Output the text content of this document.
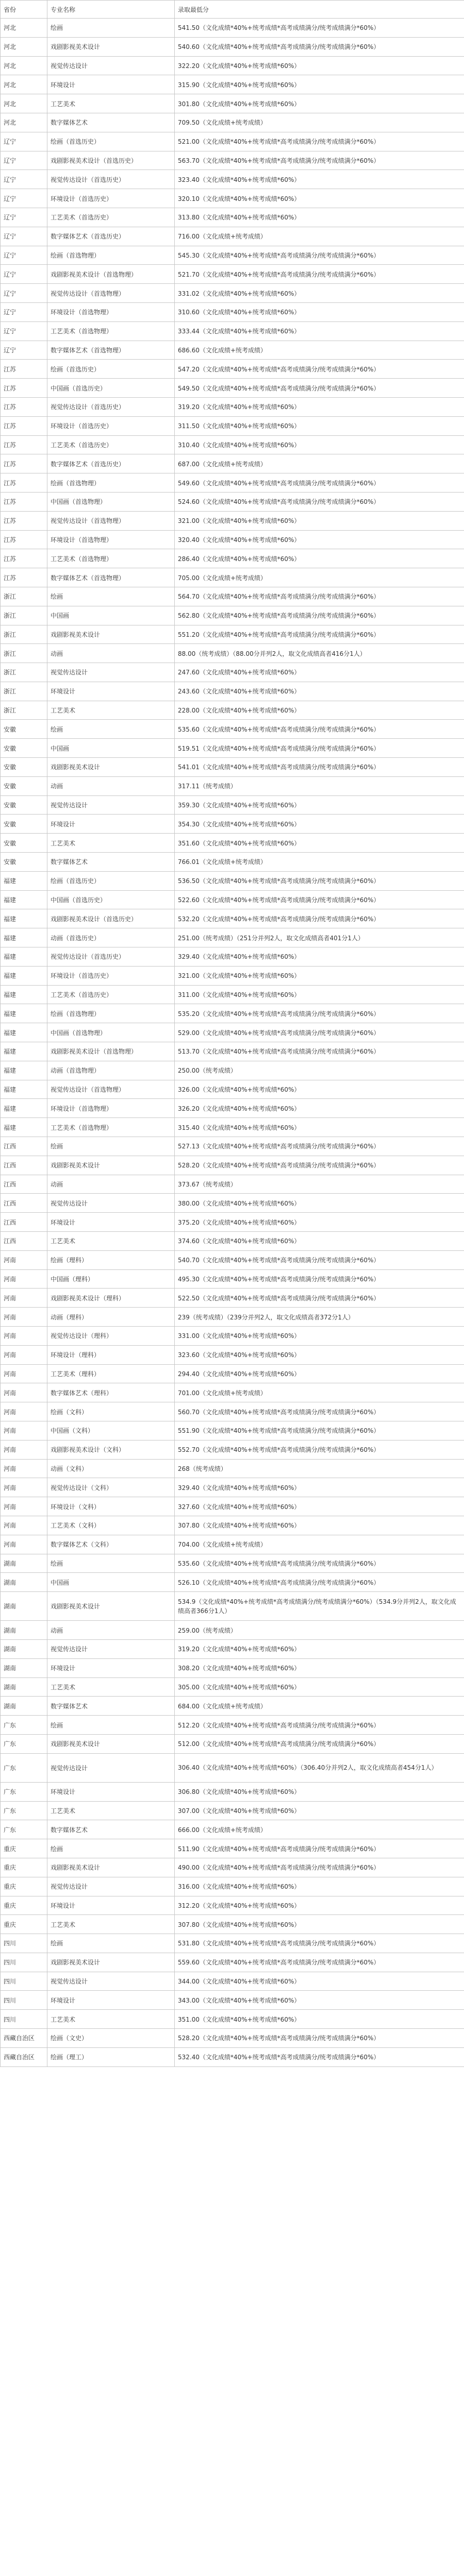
省份	专业名称	录取最低分
河北	绘画	541.50（文化成绩*40%+统考成绩*高考成绩满分/统考成绩满分*60%）
河北	戏剧影视美术设计	540.60（文化成绩*40%+统考成绩*高考成绩满分/统考成绩满分*60%）
河北	视觉传达设计	322.20（文化成绩*40%+统考成绩*60%）
河北	环境设计	315.90（文化成绩*40%+统考成绩*60%）
河北	工艺美术	301.80（文化成绩*40%+统考成绩*60%）
河北	数字媒体艺术	709.50（文化成绩+统考成绩）
辽宁	绘画（首选历史）	521.00（文化成绩*40%+统考成绩*高考成绩满分/统考成绩满分*60%）
辽宁	戏剧影视美术设计（首选历史）	563.70（文化成绩*40%+统考成绩*高考成绩满分/统考成绩满分*60%）
辽宁	视觉传达设计（首选历史）	323.40（文化成绩*40%+统考成绩*60%）
辽宁	环境设计（首选历史）	320.10（文化成绩*40%+统考成绩*60%）
辽宁	工艺美术（首选历史）	313.80（文化成绩*40%+统考成绩*60%）
辽宁	数字媒体艺术（首选历史）	716.00（文化成绩+统考成绩）
辽宁	绘画（首选物理）	545.30（文化成绩*40%+统考成绩*高考成绩满分/统考成绩满分*60%）
辽宁	戏剧影视美术设计（首选物理）	521.70（文化成绩*40%+统考成绩*高考成绩满分/统考成绩满分*60%）
辽宁	视觉传达设计（首选物理）	331.02（文化成绩*40%+统考成绩*60%）
辽宁	环境设计（首选物理）	310.60（文化成绩*40%+统考成绩*60%）
辽宁	工艺美术（首选物理）	333.44（文化成绩*40%+统考成绩*60%）
辽宁	数字媒体艺术（首选物理）	686.60（文化成绩+统考成绩）
江苏	绘画（首选历史）	547.20（文化成绩*40%+统考成绩*高考成绩满分/统考成绩满分*60%）
江苏	中国画（首选历史）	549.50（文化成绩*40%+统考成绩*高考成绩满分/统考成绩满分*60%）
江苏	视觉传达设计（首选历史）	319.20（文化成绩*40%+统考成绩*60%）
江苏	环境设计（首选历史）	311.50（文化成绩*40%+统考成绩*60%）
江苏	工艺美术（首选历史）	310.40（文化成绩*40%+统考成绩*60%）
江苏	数字媒体艺术（首选历史）	687.00（文化成绩+统考成绩）
江苏	绘画（首选物理）	549.60（文化成绩*40%+统考成绩*高考成绩满分/统考成绩满分*60%）
江苏	中国画（首选物理）	524.60（文化成绩*40%+统考成绩*高考成绩满分/统考成绩满分*60%）
江苏	视觉传达设计（首选物理）	321.00（文化成绩*40%+统考成绩*60%）
江苏	环境设计（首选物理）	320.40（文化成绩*40%+统考成绩*60%）
江苏	工艺美术（首选物理）	286.40（文化成绩*40%+统考成绩*60%）
江苏	数字媒体艺术（首选物理）	705.00（文化成绩+统考成绩）
浙江	绘画	564.70（文化成绩*40%+统考成绩*高考成绩满分/统考成绩满分*60%）
浙江	中国画	562.80（文化成绩*40%+统考成绩*高考成绩满分/统考成绩满分*60%）
浙江	戏剧影视美术设计	551.20（文化成绩*40%+统考成绩*高考成绩满分/统考成绩满分*60%）
浙江	动画	88.00（统考成绩）（88.00分并列2人，取文化成绩高者416分1人）
浙江	视觉传达设计	247.60（文化成绩*40%+统考成绩*60%）
浙江	环境设计	243.60（文化成绩*40%+统考成绩*60%）
浙江	工艺美术	228.00（文化成绩*40%+统考成绩*60%）
安徽	绘画	535.60（文化成绩*40%+统考成绩*高考成绩满分/统考成绩满分*60%）
安徽	中国画	519.51（文化成绩*40%+统考成绩*高考成绩满分/统考成绩满分*60%）
安徽	戏剧影视美术设计	541.01（文化成绩*40%+统考成绩*高考成绩满分/统考成绩满分*60%）
安徽	动画	317.11（统考成绩）
安徽	视觉传达设计	359.30（文化成绩*40%+统考成绩*60%）
安徽	环境设计	354.30（文化成绩*40%+统考成绩*60%）
安徽	工艺美术	351.60（文化成绩*40%+统考成绩*60%）
安徽	数字媒体艺术	766.01（文化成绩+统考成绩）
福建	绘画（首选历史）	536.50（文化成绩*40%+统考成绩*高考成绩满分/统考成绩满分*60%）
福建	中国画（首选历史）	522.60（文化成绩*40%+统考成绩*高考成绩满分/统考成绩满分*60%）
福建	戏剧影视美术设计（首选历史）	532.20（文化成绩*40%+统考成绩*高考成绩满分/统考成绩满分*60%）
福建	动画（首选历史）	251.00（统考成绩）（251分并列2人，取文化成绩高者401分1人）
福建	视觉传达设计（首选历史）	329.40（文化成绩*40%+统考成绩*60%）
福建	环境设计（首选历史）	321.00（文化成绩*40%+统考成绩*60%）
福建	工艺美术（首选历史）	311.00（文化成绩*40%+统考成绩*60%）
福建	绘画（首选物理）	535.20（文化成绩*40%+统考成绩*高考成绩满分/统考成绩满分*60%）
福建	中国画（首选物理）	529.00（文化成绩*40%+统考成绩*高考成绩满分/统考成绩满分*60%）
福建	戏剧影视美术设计（首选物理）	513.70（文化成绩*40%+统考成绩*高考成绩满分/统考成绩满分*60%）
福建	动画（首选物理）	250.00（统考成绩）
福建	视觉传达设计（首选物理）	326.00（文化成绩*40%+统考成绩*60%）
福建	环境设计（首选物理）	326.20（文化成绩*40%+统考成绩*60%）
福建	工艺美术（首选物理）	315.40（文化成绩*40%+统考成绩*60%）
江西	绘画	527.13（文化成绩*40%+统考成绩*高考成绩满分/统考成绩满分*60%）
江西	戏剧影视美术设计	528.20（文化成绩*40%+统考成绩*高考成绩满分/统考成绩满分*60%）
江西	动画	373.67（统考成绩）
江西	视觉传达设计	380.00（文化成绩*40%+统考成绩*60%）
江西	环境设计	375.20（文化成绩*40%+统考成绩*60%）
江西	工艺美术	374.60（文化成绩*40%+统考成绩*60%）
河南	绘画（理科）	540.70（文化成绩*40%+统考成绩*高考成绩满分/统考成绩满分*60%）
河南	中国画（理科）	495.30（文化成绩*40%+统考成绩*高考成绩满分/统考成绩满分*60%）
河南	戏剧影视美术设计（理科）	522.50（文化成绩*40%+统考成绩*高考成绩满分/统考成绩满分*60%）
河南	动画（理科）	239（统考成绩）（239分并列2人，取文化成绩高者372分1人）
河南	视觉传达设计（理科）	331.00（文化成绩*40%+统考成绩*60%）
河南	环境设计（理科）	323.60（文化成绩*40%+统考成绩*60%）
河南	工艺美术（理科）	294.40（文化成绩*40%+统考成绩*60%）
河南	数字媒体艺术（理科）	701.00（文化成绩+统考成绩）
河南	绘画（文科）	560.70（文化成绩*40%+统考成绩*高考成绩满分/统考成绩满分*60%）
河南	中国画（文科）	551.90（文化成绩*40%+统考成绩*高考成绩满分/统考成绩满分*60%）
河南	戏剧影视美术设计（文科）	552.70（文化成绩*40%+统考成绩*高考成绩满分/统考成绩满分*60%）
河南	动画（文科）	268（统考成绩）
河南	视觉传达设计（文科）	329.40（文化成绩*40%+统考成绩*60%）
河南	环境设计（文科）	327.60（文化成绩*40%+统考成绩*60%）
河南	工艺美术（文科）	307.80（文化成绩*40%+统考成绩*60%）
河南	数字媒体艺术（文科）	704.00（文化成绩+统考成绩）
湖南	绘画	535.60（文化成绩*40%+统考成绩*高考成绩满分/统考成绩满分*60%）
湖南	中国画	526.10（文化成绩*40%+统考成绩*高考成绩满分/统考成绩满分*60%）
湖南	戏剧影视美术设计	534.9（文化成绩*40%+统考成绩*高考成绩满分/统考成绩满分*60%）（534.9分并列2人，取文化成绩高者366分1人）
湖南	动画	259.00（统考成绩）
湖南	视觉传达设计	319.20（文化成绩*40%+统考成绩*60%）
湖南	环境设计	308.20（文化成绩*40%+统考成绩*60%）
湖南	工艺美术	305.00（文化成绩*40%+统考成绩*60%）
湖南	数字媒体艺术	684.00（文化成绩+统考成绩）
广东	绘画	512.20（文化成绩*40%+统考成绩*高考成绩满分/统考成绩满分*60%）
广东	戏剧影视美术设计	512.00（文化成绩*40%+统考成绩*高考成绩满分/统考成绩满分*60%）
广东	视觉传达设计	306.40（文化成绩*40%+统考成绩*60%）（306.40分并列2人，取文化成绩高者454分1人）
广东	环境设计	306.80（文化成绩*40%+统考成绩*60%）
广东	工艺美术	307.00（文化成绩*40%+统考成绩*60%）
广东	数字媒体艺术	666.00（文化成绩+统考成绩）
重庆	绘画	511.90（文化成绩*40%+统考成绩*高考成绩满分/统考成绩满分*60%）
重庆	戏剧影视美术设计	490.00（文化成绩*40%+统考成绩*高考成绩满分/统考成绩满分*60%）
重庆	视觉传达设计	316.00（文化成绩*40%+统考成绩*60%）
重庆	环境设计	312.20（文化成绩*40%+统考成绩*60%）
重庆	工艺美术	307.80（文化成绩*40%+统考成绩*60%）
四川	绘画	531.80（文化成绩*40%+统考成绩*高考成绩满分/统考成绩满分*60%）
四川	戏剧影视美术设计	559.60（文化成绩*40%+统考成绩*高考成绩满分/统考成绩满分*60%）
四川	视觉传达设计	344.00（文化成绩*40%+统考成绩*60%）
四川	环境设计	343.00（文化成绩*40%+统考成绩*60%）
四川	工艺美术	351.00（文化成绩*40%+统考成绩*60%）
西藏自治区	绘画（文史）	528.20（文化成绩*40%+统考成绩*高考成绩满分/统考成绩满分*60%）
西藏自治区	绘画（理工）	532.40（文化成绩*40%+统考成绩*高考成绩满分/统考成绩满分*60%）
